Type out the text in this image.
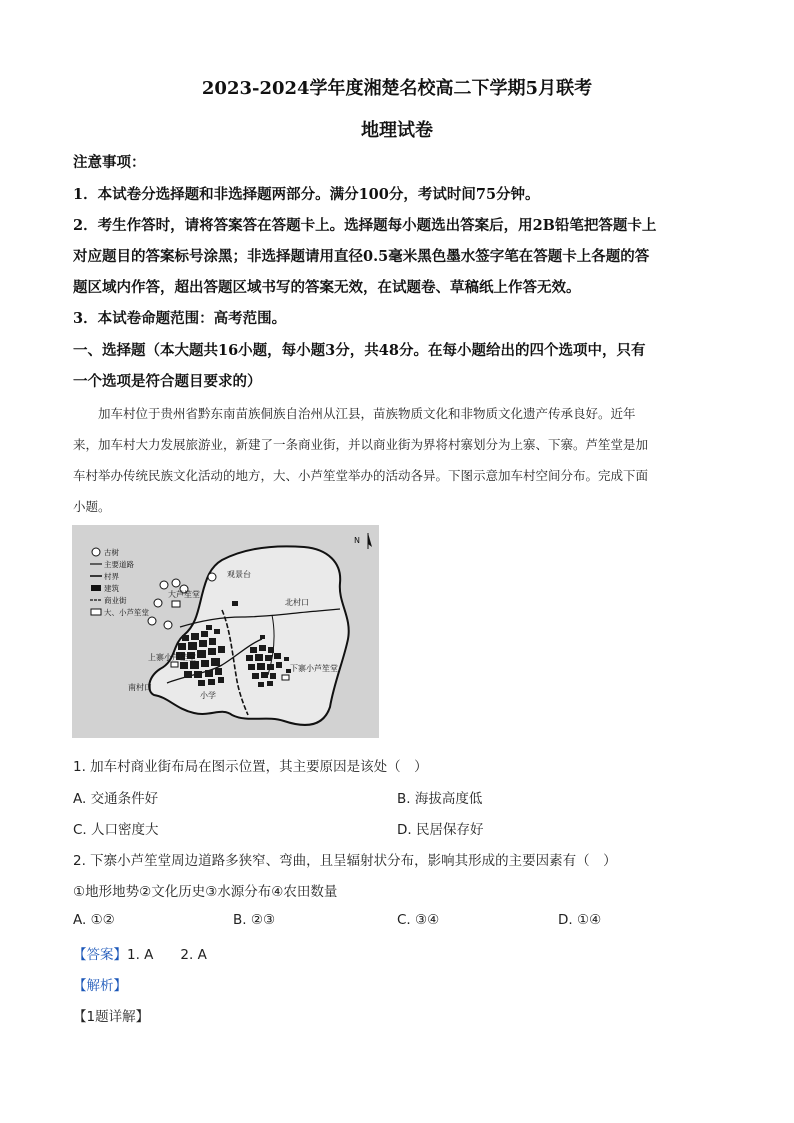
2023-2024学年度湘楚名校高二下学期5月联考
地理试卷
注意事项：
1．本试卷分选择题和非选择题两部分。满分100分，考试时间75分钟。
2．考生作答时，请将答案答在答题卡上。选择题每小题选出答案后，用2B铅笔把答题卡上
对应题目的答案标号涂黑；非选择题请用直径0.5毫米黑色墨水签字笔在答题卡上各题的答
题区域内作答，超出答题区域书写的答案无效，在试题卷、草稿纸上作答无效。
3．本试卷命题范围：高考范围。
一、选择题（本大题共16小题，每小题3分，共48分。在每小题给出的四个选项中，只有
一个选项是符合题目要求的）
加车村位于贵州省黔东南苗族侗族自治州从江县，苗族物质文化和非物质文化遗产传承良好。近年
来，加车村大力发展旅游业，新建了一条商业街，并以商业街为界将村寨划分为上寨、下寨。芦笙堂是加
车村举办传统民族文化活动的地方，大、小芦笙堂举办的活动各异。下图示意加车村空间分布。完成下面
小题。
古树
主要道路
村界
建筑
商业街
大、小芦笙堂
N
观景台
北村口
大芦笙堂
上寨小芦笙堂
下寨小芦笙堂
南村口
小学
1. 加车村商业街布局在图示位置，其主要原因是该处（　）
A. 交通条件好	B. 海拔高度低
C. 人口密度大	D. 民居保存好
2. 下寨小芦笙堂周边道路多狭窄、弯曲，且呈辐射状分布，影响其形成的主要因素有（　）
①地形地势②文化历史③水源分布④农田数量
A. ①②	B. ②③	C. ③④	D. ①④
【答案】1. A　　2. A
【解析】
【1题详解】
